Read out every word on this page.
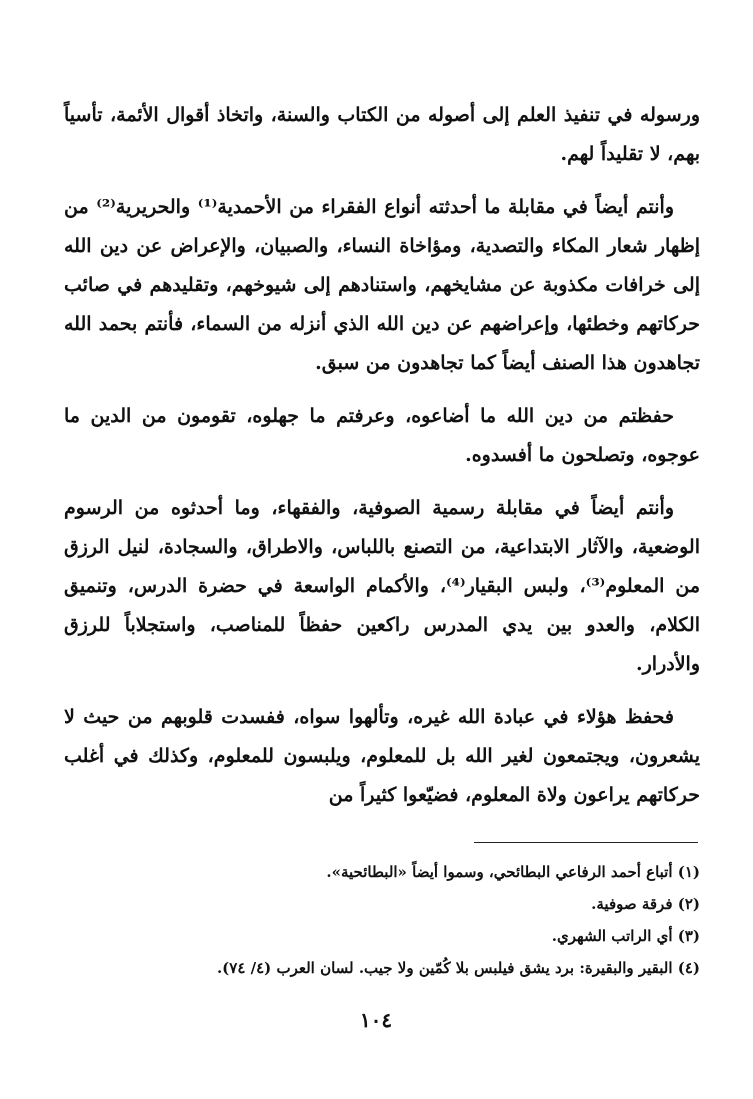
ورسوله في تنفيذ العلم إلى أصوله من الكتاب والسنة، واتخاذ أقوال الأئمة، تأسياً بهم، لا تقليداً لهم.

وأنتم أيضاً في مقابلة ما أحدثته أنواع الفقراء من الأحمدية⁽¹⁾ والحريرية⁽²⁾ من إظهار شعار المكاء والتصدية، ومؤاخاة النساء، والصبيان، والإعراض عن دين الله إلى خرافات مكذوبة عن مشايخهم، واستنادهم إلى شيوخهم، وتقليدهم في صائب حركاتهم وخطئها، وإعراضهم عن دين الله الذي أنزله من السماء، فأنتم بحمد الله تجاهدون هذا الصنف أيضاً كما تجاهدون من سبق.

حفظتم من دين الله ما أضاعوه، وعرفتم ما جهلوه، تقومون من الدين ما عوجوه، وتصلحون ما أفسدوه.

وأنتم أيضاً في مقابلة رسمية الصوفية، والفقهاء، وما أحدثوه من الرسوم الوضعية، والآثار الابتداعية، من التصنع باللباس، والاطراق، والسجادة، لنيل الرزق من المعلوم⁽³⁾، ولبس البقيار⁽⁴⁾، والأكمام الواسعة في حضرة الدرس، وتنميق الكلام، والعدو بين يدي المدرس راكعين حفظاً للمناصب، واستجلاباً للرزق والأدرار.

فحفظ هؤلاء في عبادة الله غيره، وتألهوا سواه، ففسدت قلوبهم من حيث لا يشعرون، ويجتمعون لغير الله بل للمعلوم، ويلبسون للمعلوم، وكذلك في أغلب حركاتهم يراعون ولاة المعلوم، فضيّعوا كثيراً من

(١) أتباع أحمد الرفاعي البطائحي، وسموا أيضاً «البطائحية».

(٢) فرقة صوفية.

(٣) أي الراتب الشهري.

(٤) البقير والبقيرة: برد يشق فيلبس بلا كُمّين ولا جيب. لسان العرب (٤/ ٧٤).

١٠٤
